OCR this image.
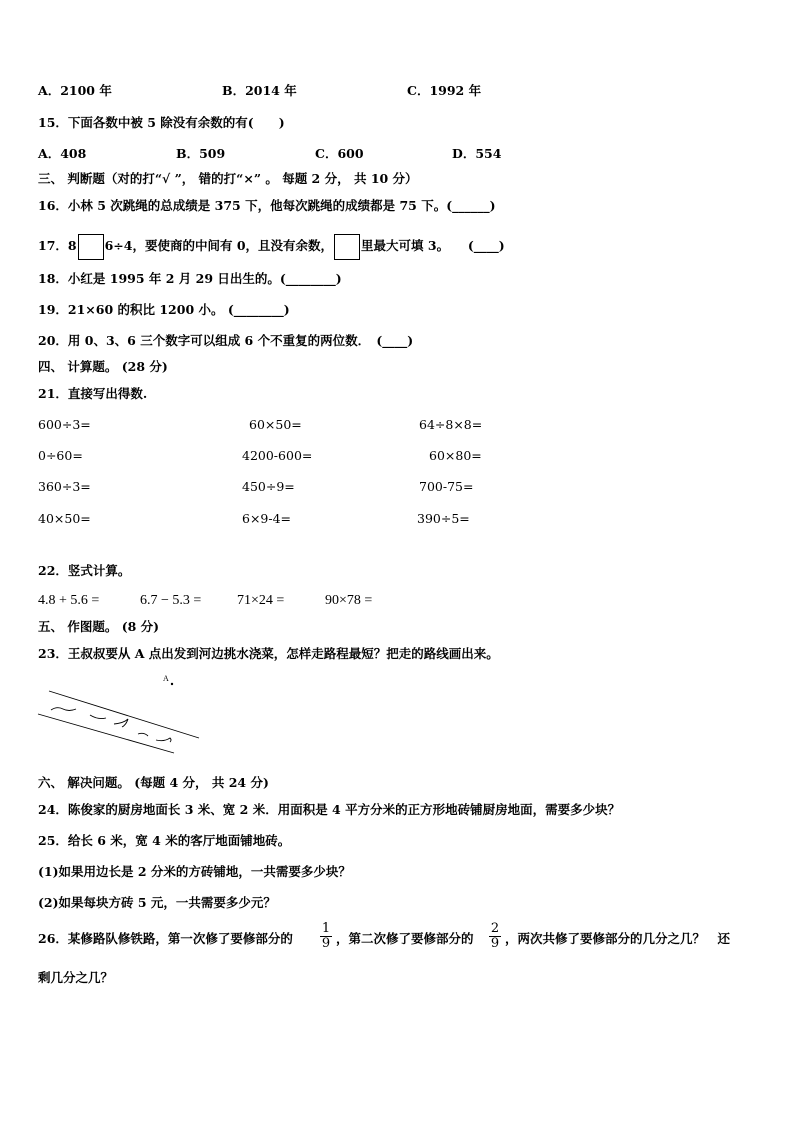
A．2100 年	B．2014 年	C．1992 年
15．下面各数中被 5 除没有余数的有(　　)
A．408	B．509	C．600	D．554
三、 判断题（对的打“√ ”， 错的打“×” 。 每题 2 分， 共 10 分）
16．小林 5 次跳绳的总成绩是 375 下，他每次跳绳的成绩都是 75 下。(______)
17．8 6÷4，要使商的中间有 0，且没有余数， 里最大可填 3。　　(____)
18．小红是 1995 年 2 月 29 日出生的。(________)
19．21×60 的积比 1200 小。 (________)
20．用 0、3、6 三个数字可以组成 6 个不重复的两位数．　(____)
四、 计算题。 (28 分)
21．直接写出得数.
600÷3=	60×50=	64÷8×8=
0÷60=	4200-600=	60×80=
360÷3=	450÷9=	700-75=
40×50=	6×9-4=	390÷5=
22．竖式计算。
4.8 + 5.6 =	6.7 − 5.3 =	71×24 =	90×78 =
五、 作图题。 (8 分)
23．王叔叔要从 A 点出发到河边挑水浇菜，怎样走路程最短？把走的路线画出来。
A
六、 解决问题。 (每题 4 分， 共 24 分)
24．陈俊家的厨房地面长 3 米、宽 2 米．用面积是 4 平方分米的正方形地砖铺厨房地面，需要多少块？
25．给长 6 米，宽 4 米的客厅地面铺地砖。
(1)如果用边长是 2 分米的方砖铺地，一共需要多少块？
(2)如果每块方砖 5 元，一共需要多少元？
26．某修路队修铁路，第一次修了要修部分的 $\frac{1}{9}$ ，第二次修了要修部分的 $\frac{2}{9}$ ，两次共修了要修部分的几分之几？　还
剩几分之几？
